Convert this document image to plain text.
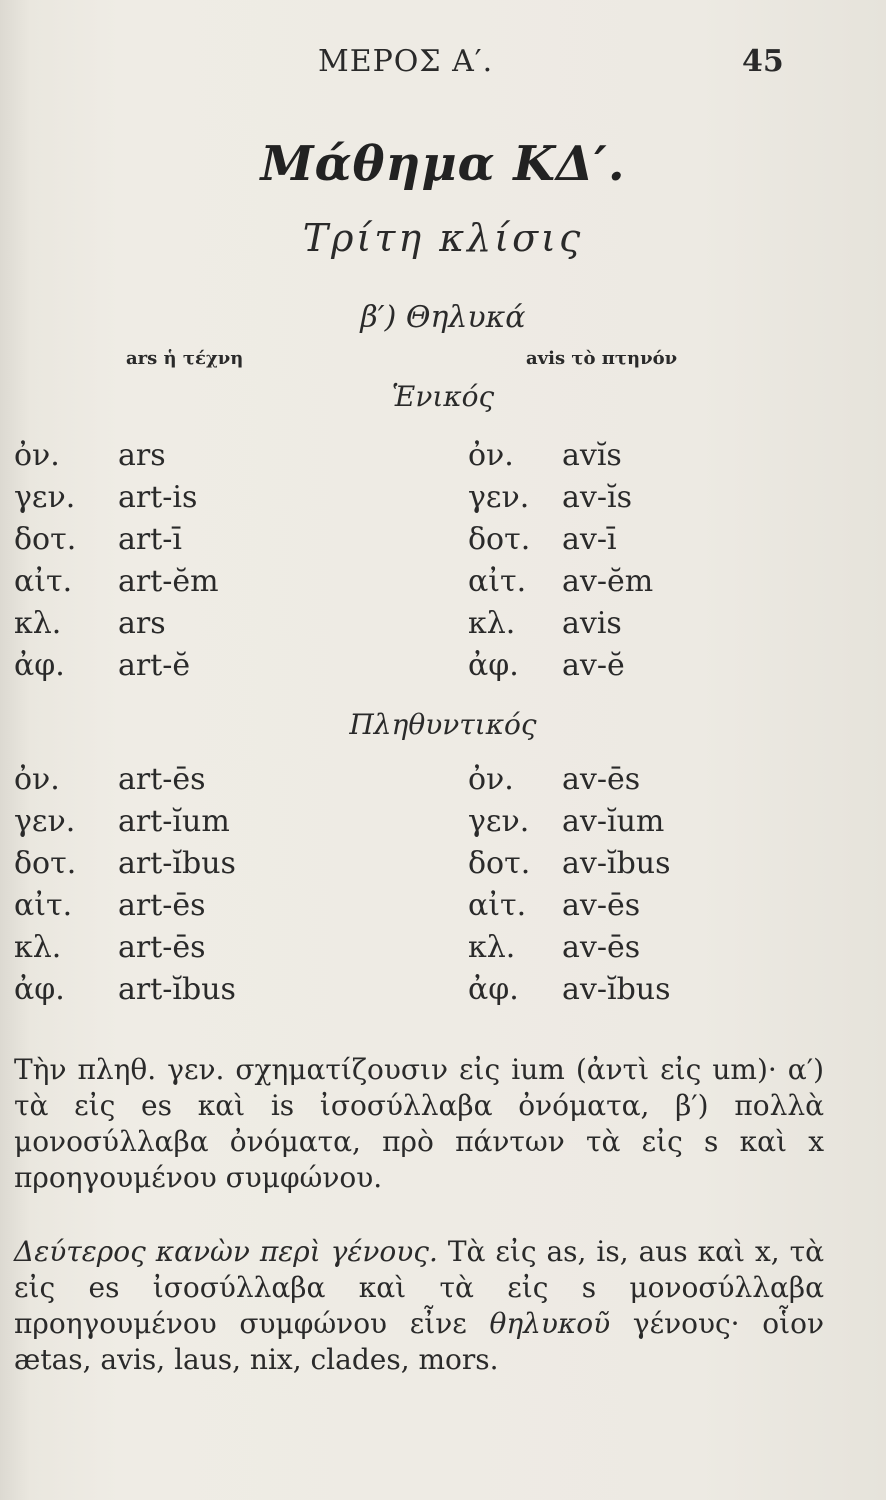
ΜΕΡΟΣ Α′.	45
Μάθημα ΚΔ′.
Τρίτη κλίσις
β′) Θηλυκά
ars ἡ τέχνη	avis τὸ πτηνόν
Ἑνικός
ὀν. ars	ὀν. avĭs
γεν. art-is	γεν. av-ĭs
δοτ. art-ī	δοτ. av-ī
αἰτ. art-ĕm	αἰτ. av-ĕm
κλ. ars	κλ. avis
ἀφ. art-ĕ	ἀφ. av-ĕ
Πληθυντικός
ὀν. art-ēs	ὀν. av-ēs
γεν. art-ĭum	γεν. av-ĭum
δοτ. art-ĭbus	δοτ. av-ĭbus
αἰτ. art-ēs	αἰτ. av-ēs
κλ. art-ēs	κλ. av-ēs
ἀφ. art-ĭbus	ἀφ. av-ĭbus

Τὴν πληθ. γεν. σχηματίζουσιν εἰς ium (ἀντὶ εἰς um)· α′) τὰ εἰς es καὶ is ἰσοσύλλαβα ὀνόματα, β′) πολλὰ μονοσύλλαβα ὀνόματα, πρὸ πάντων τὰ εἰς s καὶ x προηγουμένου συμφώνου.

Δεύτερος κανὼν περὶ γένους. Τὰ εἰς as, is, aus καὶ x, τὰ εἰς es ἰσοσύλλαβα καὶ τὰ εἰς s μονοσύλλαβα προηγουμένου συμφώνου εἶνε θηλυκοῦ γένους· οἷον ætas, avis, laus, nix, clades, mors.
